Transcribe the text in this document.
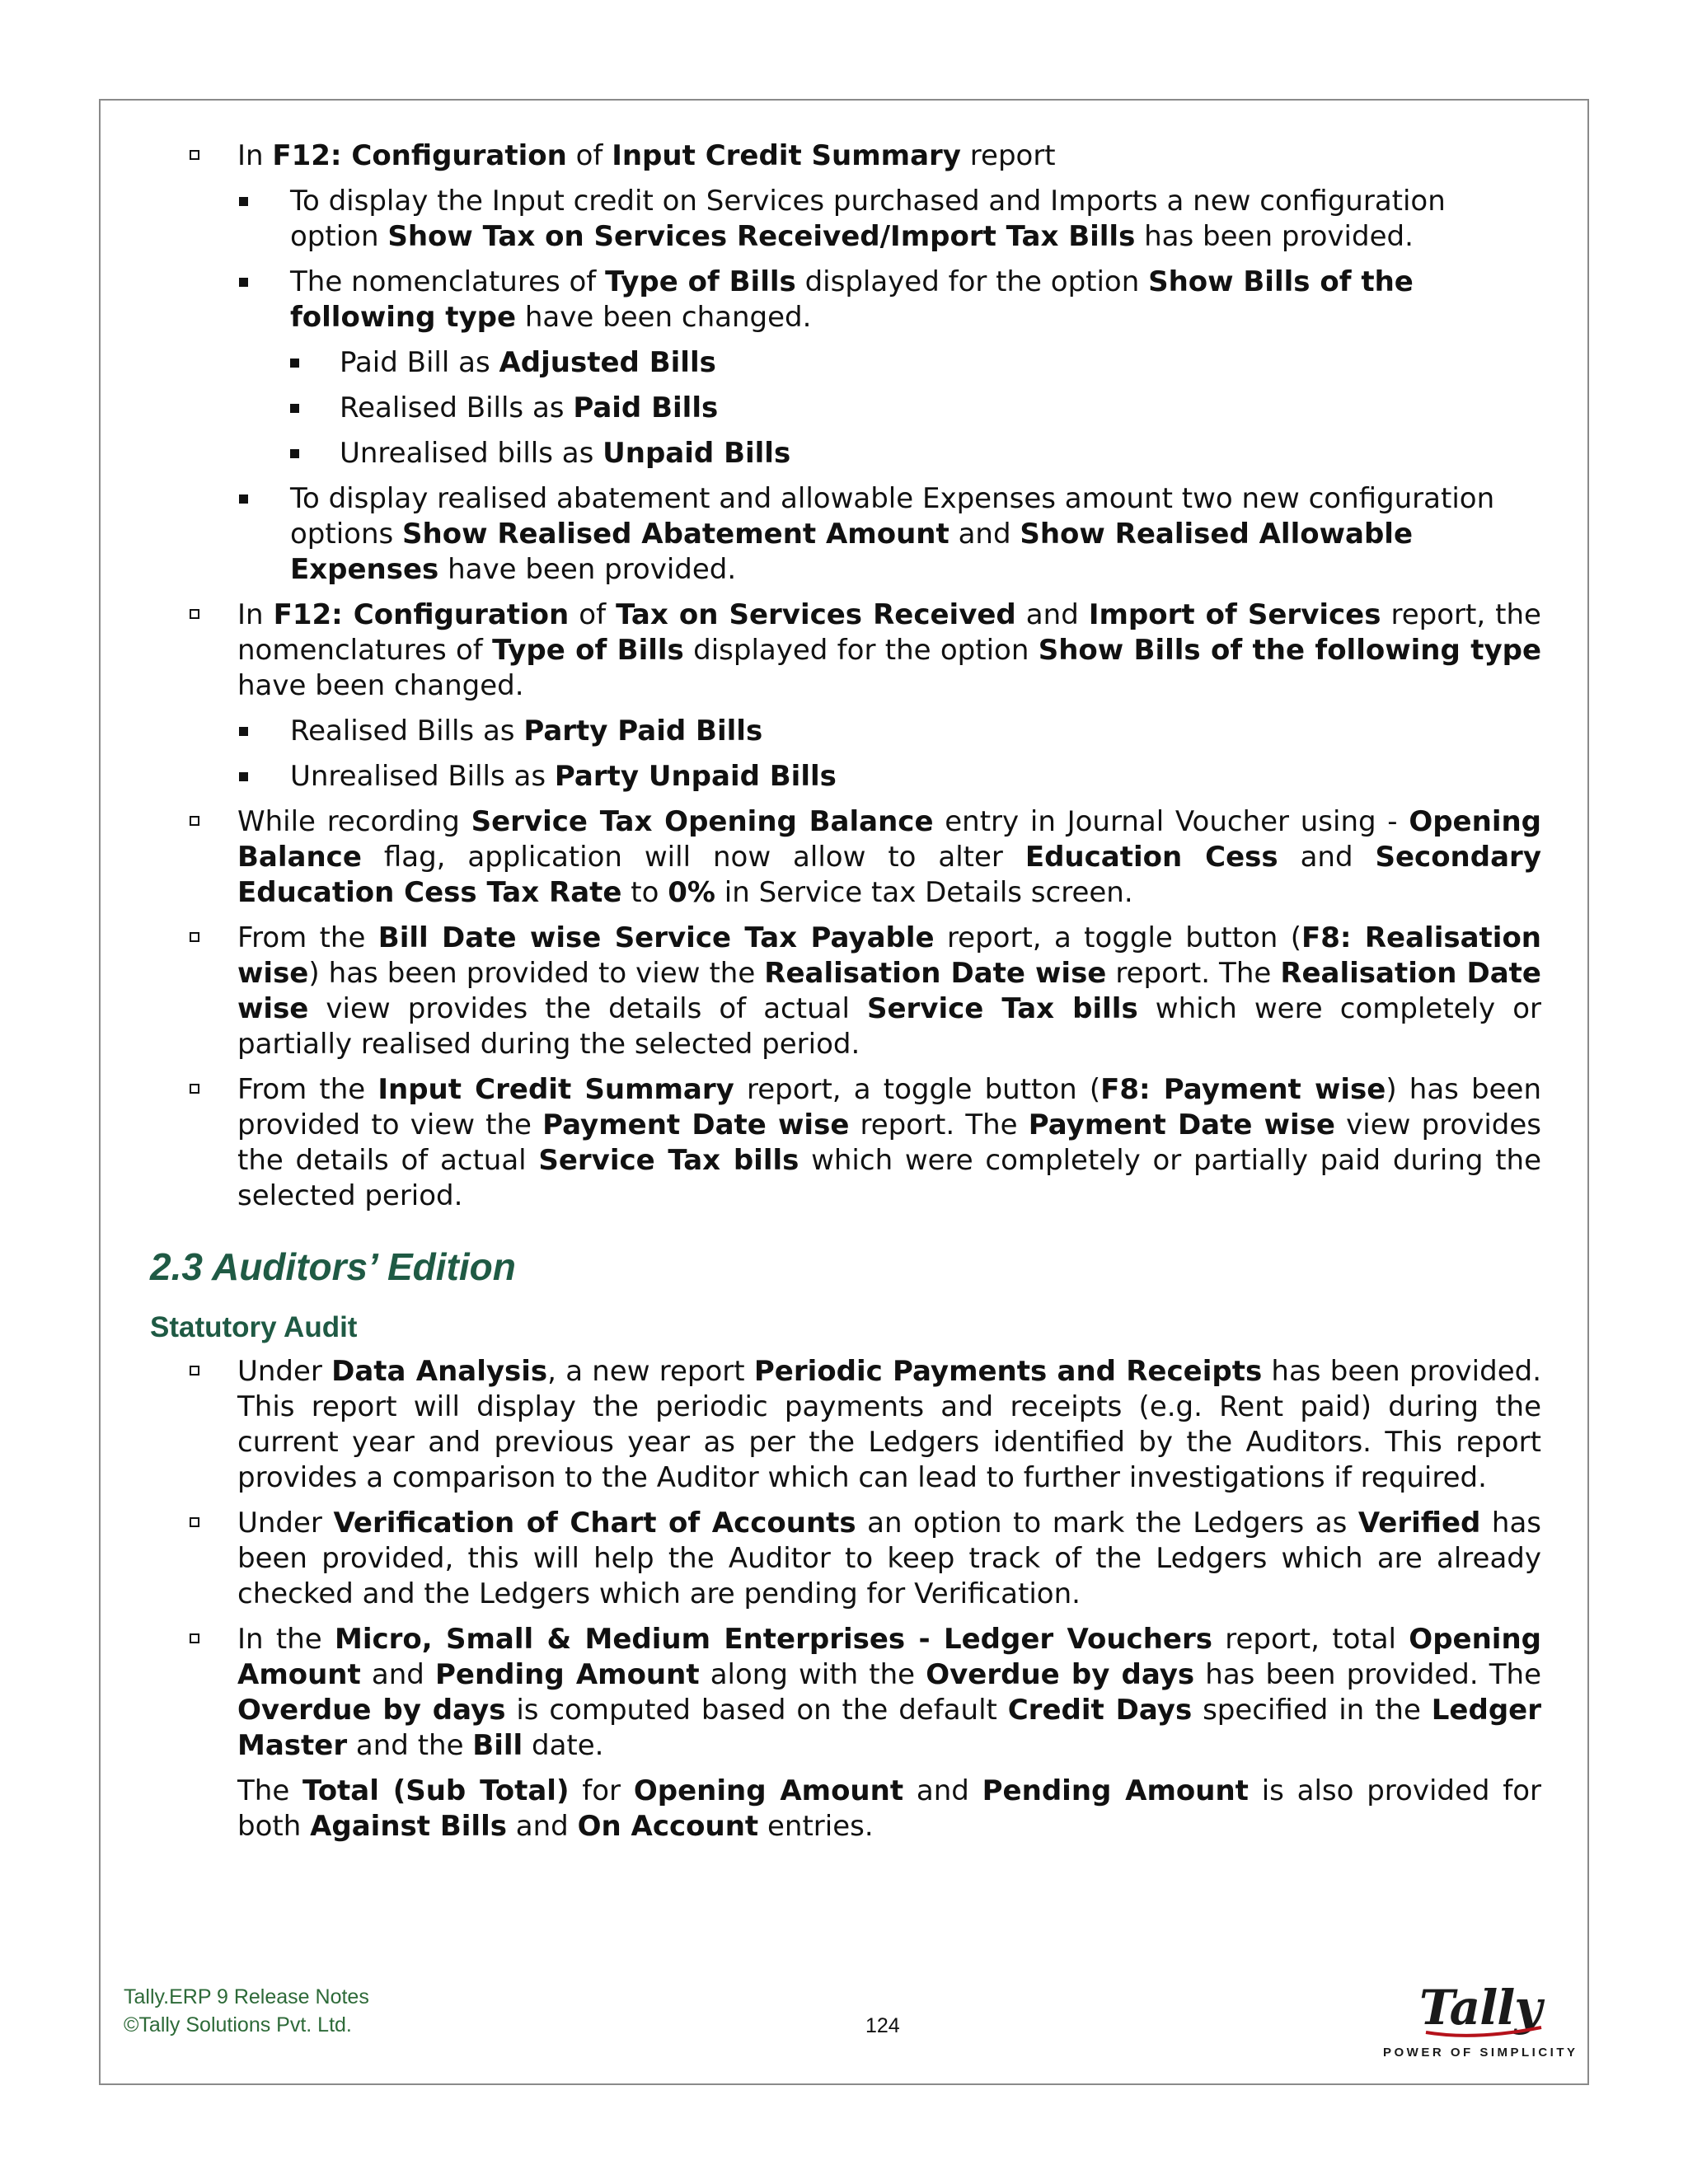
In F12: Configuration of Input Credit Summary report
To display the Input credit on Services purchased and Imports a new configuration option Show Tax on Services Received/Import Tax Bills has been provided.
The nomenclatures of Type of Bills displayed for the option Show Bills of the following type have been changed.
Paid Bill as Adjusted Bills
Realised Bills as Paid Bills
Unrealised bills as Unpaid Bills
To display realised abatement and allowable Expenses amount two new configuration options Show Realised Abatement Amount and Show Realised Allowable Expenses have been provided.
In F12: Configuration of Tax on Services Received and Import of Services report, the nomenclatures of Type of Bills displayed for the option Show Bills of the following type have been changed.
Realised Bills as Party Paid Bills
Unrealised Bills as Party Unpaid Bills
While recording Service Tax Opening Balance entry in Journal Voucher using - Opening Balance flag, application will now allow to alter Education Cess and Secondary Education Cess Tax Rate to 0% in Service tax Details screen.
From the Bill Date wise Service Tax Payable report, a toggle button (F8: Realisation wise) has been provided to view the Realisation Date wise report. The Realisation Date wise view provides the details of actual Service Tax bills which were completely or partially realised during the selected period.
From the Input Credit Summary report, a toggle button (F8: Payment wise) has been provided to view the Payment Date wise report. The Payment Date wise view provides the details of actual Service Tax bills which were completely or partially paid during the selected period.
2.3 Auditors’ Edition
Statutory Audit
Under Data Analysis, a new report Periodic Payments and Receipts has been provided. This report will display the periodic payments and receipts (e.g. Rent paid) during the current year and previous year as per the Ledgers identified by the Auditors. This report provides a comparison to the Auditor which can lead to further investigations if required.
Under Verification of Chart of Accounts an option to mark the Ledgers as Verified has been provided, this will help the Auditor to keep track of the Ledgers which are already checked and the Ledgers which are pending for Verification.
In the Micro, Small & Medium Enterprises - Ledger Vouchers report, total Opening Amount and Pending Amount along with the Overdue by days has been provided. The Overdue by days is computed based on the default Credit Days specified in the Ledger Master and the Bill date.
The Total (Sub Total) for Opening Amount and Pending Amount is also provided for both Against Bills and On Account entries.
Tally.ERP 9 Release Notes
©Tally Solutions Pvt. Ltd.	124	Tally
POWER OF SIMPLICITY
